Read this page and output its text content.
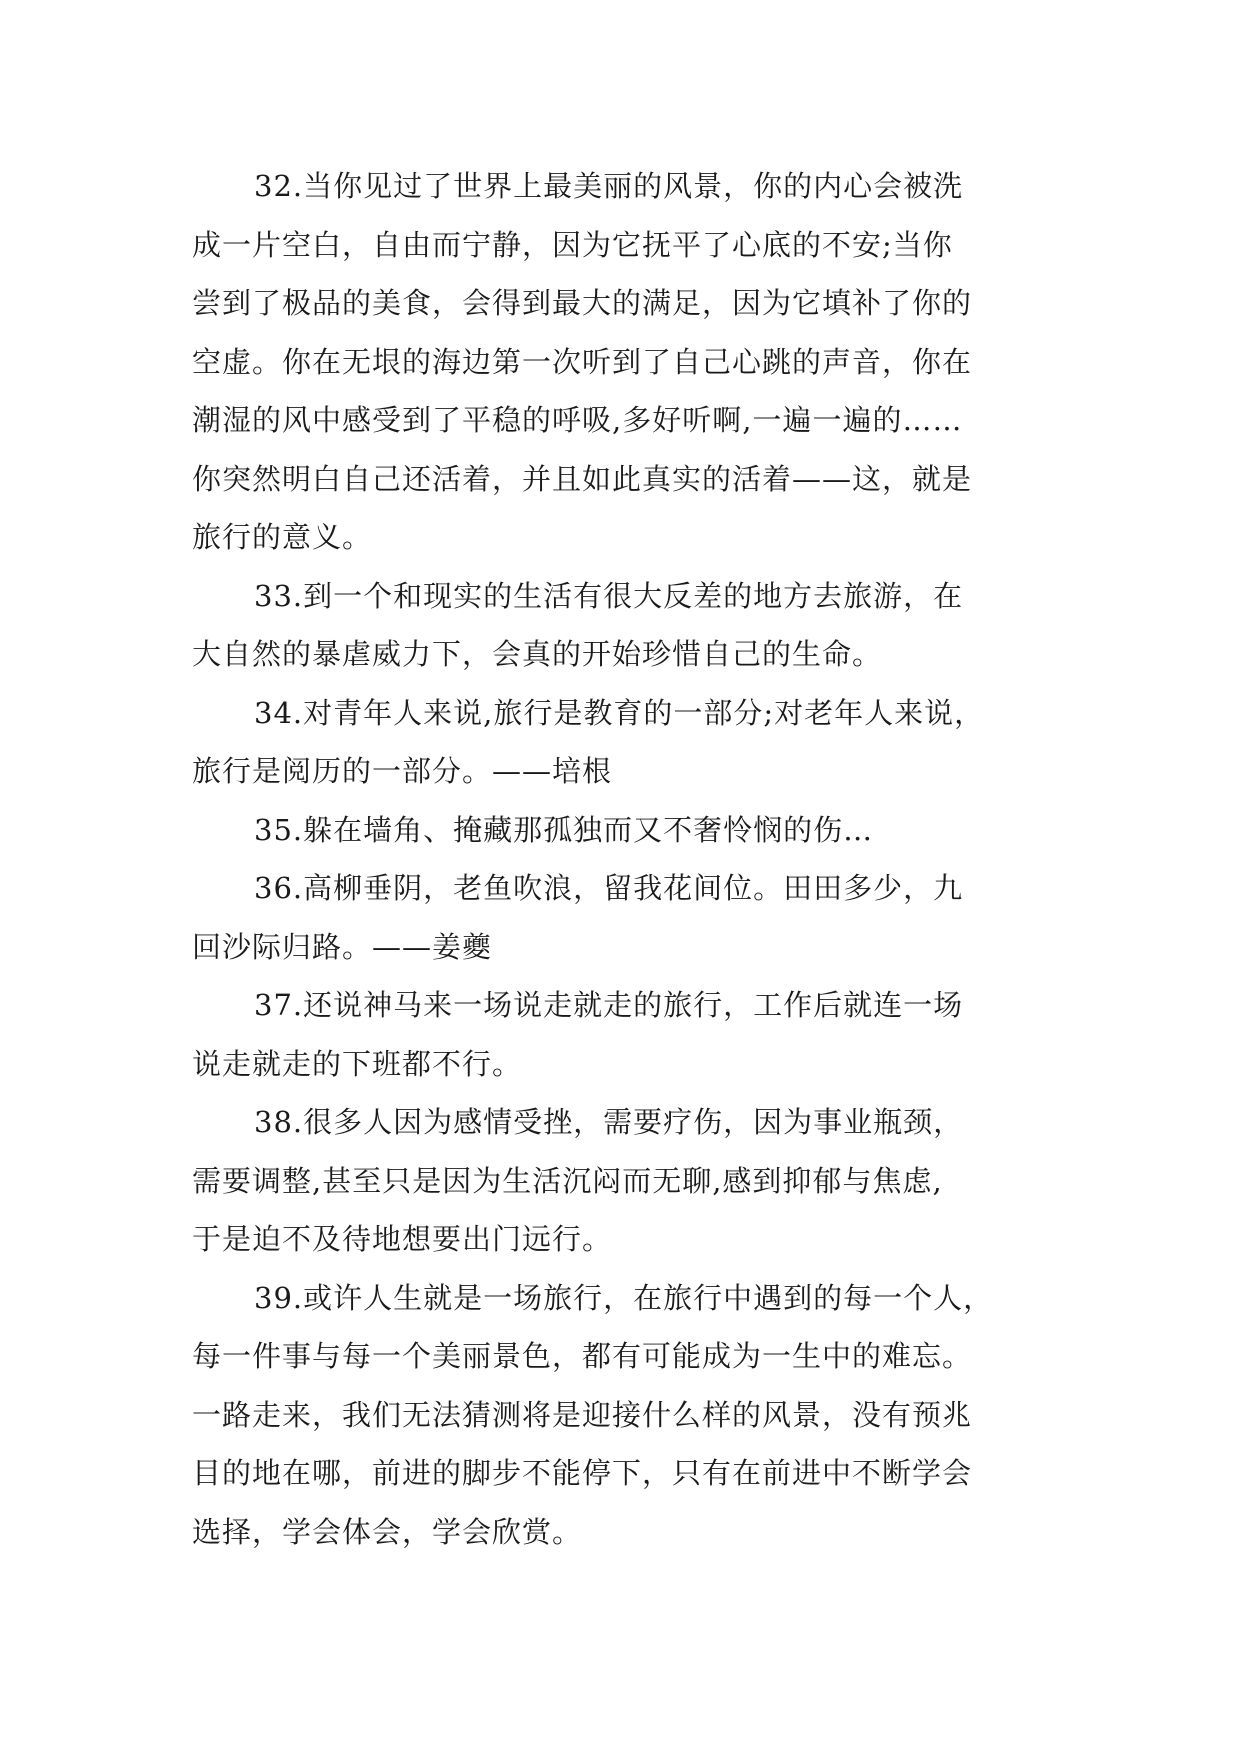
32.当你见过了世界上最美丽的风景，你的内心会被洗
成一片空白，自由而宁静，因为它抚平了心底的不安;当你
尝到了极品的美食，会得到最大的满足，因为它填补了你的
空虚。你在无垠的海边第一次听到了自己心跳的声音，你在
潮湿的风中感受到了平稳的呼吸,多好听啊,一遍一遍的……
你突然明白自己还活着，并且如此真实的活着——这，就是
旅行的意义。
33.到一个和现实的生活有很大反差的地方去旅游，在
大自然的暴虐威力下，会真的开始珍惜自己的生命。
34.对青年人来说,旅行是教育的一部分;对老年人来说，
旅行是阅历的一部分。——培根
35.躲在墙角、掩藏那孤独而又不奢怜悯的伤…
36.高柳垂阴，老鱼吹浪，留我花间位。田田多少，九
回沙际归路。——姜夔
37.还说神马来一场说走就走的旅行，工作后就连一场
说走就走的下班都不行。
38.很多人因为感情受挫，需要疗伤，因为事业瓶颈，
需要调整,甚至只是因为生活沉闷而无聊,感到抑郁与焦虑,
于是迫不及待地想要出门远行。
39.或许人生就是一场旅行，在旅行中遇到的每一个人，
每一件事与每一个美丽景色，都有可能成为一生中的难忘。
一路走来，我们无法猜测将是迎接什么样的风景，没有预兆
目的地在哪，前进的脚步不能停下，只有在前进中不断学会
选择，学会体会，学会欣赏。
